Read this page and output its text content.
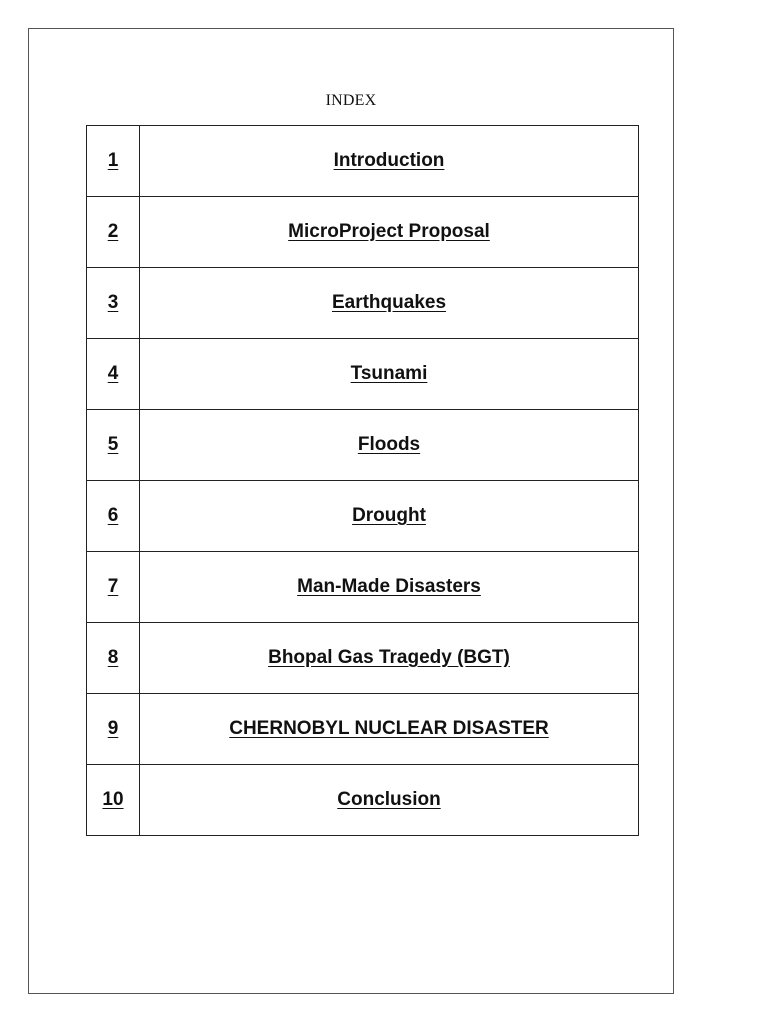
INDEX
1	Introduction
2	MicroProject Proposal
3	Earthquakes
4	Tsunami
5	Floods
6	Drought
7	Man-Made Disasters
8	Bhopal Gas Tragedy (BGT)
9	CHERNOBYL NUCLEAR DISASTER
10	Conclusion
